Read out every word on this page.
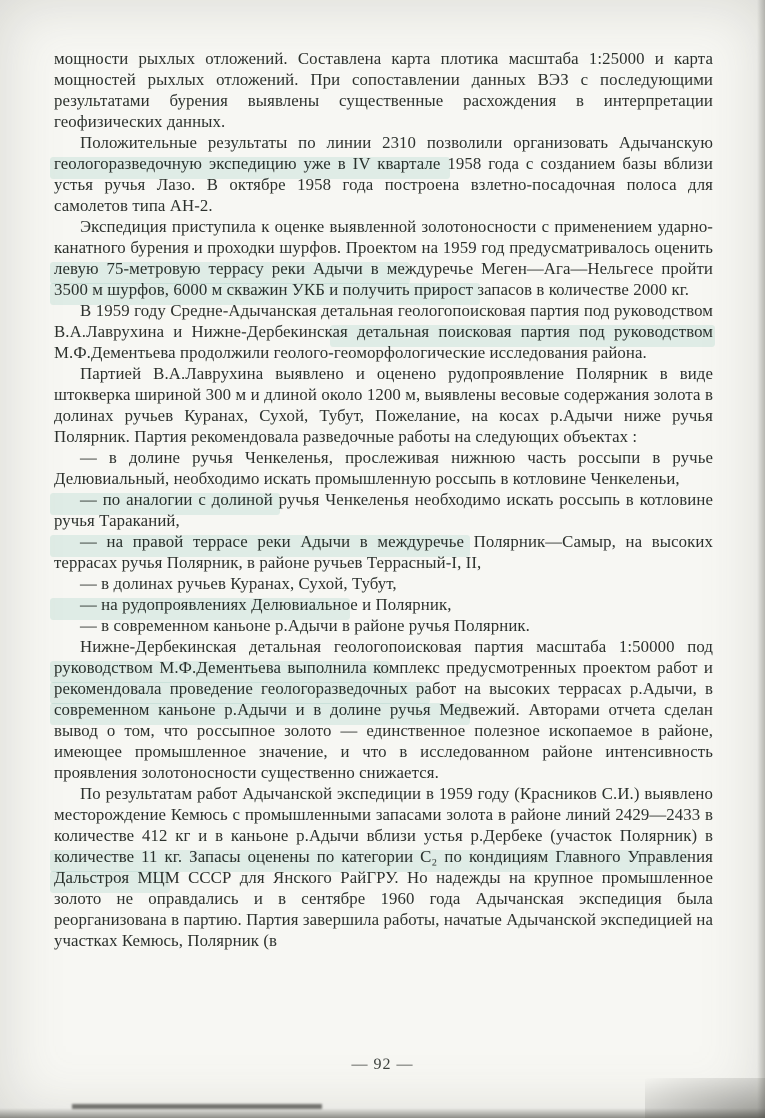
мощности рыхлых отложений. Составлена карта плотика масштаба 1:25000 и карта мощностей рыхлых отложений. При сопоставлении данных ВЭЗ с последующими результатами бурения выявлены существенные расхождения в интерпретации геофизических данных.

Положительные результаты по линии 2310 позволили организовать Адычанскую геологоразведочную экспедицию уже в IV квартале 1958 года с созданием базы вблизи устья ручья Лазо. В октябре 1958 года построена взлетно-посадочная полоса для самолетов типа АН-2.

Экспедиция приступила к оценке выявленной золотоносности с применением ударно-канатного бурения и проходки шурфов. Проектом на 1959 год предусматривалось оценить левую 75-метровую террасу реки Адычи в междуречье Меген—Ага—Нельгесе пройти 3500 м шурфов, 6000 м скважин УКБ и получить прирост запасов в количестве 2000 кг.

В 1959 году Средне-Адычанская детальная геологопоисковая партия под руководством В.А.Лаврухина и Нижне-Дербекинская детальная поисковая партия под руководством М.Ф.Дементьева продолжили геолого-геоморфологические исследования района.

Партией В.А.Лаврухина выявлено и оценено рудопроявление Полярник в виде штокверка шириной 300 м и длиной около 1200 м, выявлены весовые содержания золота в долинах ручьев Куранах, Сухой, Тубут, Пожелание, на косах р.Адычи ниже ручья Полярник. Партия рекомендовала разведочные работы на следующих объектах :

— в долине ручья Ченкеленья, прослеживая нижнюю часть россыпи в ручье Делювиальный, необходимо искать промышленную россыпь в котловине Ченкеленьи,

— по аналогии с долиной ручья Ченкеленья необходимо искать россыпь в котловине ручья Тараканий,

— на правой террасе реки Адычи в междуречье Полярник—Самыр, на высоких террасах ручья Полярник, в районе ручьев Террасный-I, II,

— в долинах ручьев Куранах, Сухой, Тубут,

— на рудопроявлениях Делювиальное и Полярник,

— в современном каньоне р.Адычи в районе ручья Полярник.

Нижне-Дербекинская детальная геологопоисковая партия масштаба 1:50000 под руководством М.Ф.Дементьева выполнила комплекс предусмотренных проектом работ и рекомендовала проведение геологоразведочных работ на высоких террасах р.Адычи, в современном каньоне р.Адычи и в долине ручья Медвежий. Авторами отчета сделан вывод о том, что россыпное золото — единственное полезное ископаемое в районе, имеющее промышленное значение, и что в исследованном районе интенсивность проявления золотоносности существенно снижается.

По результатам работ Адычанской экспедиции в 1959 году (Красников С.И.) выявлено месторождение Кемюсь с промышленными запасами золота в районе линий 2429—2433 в количестве 412 кг и в каньоне р.Адычи вблизи устья р.Дербеке (участок Полярник) в количестве 11 кг. Запасы оценены по категории С₂ по кондициям Главного Управления Дальстроя МЦМ СССР для Янского РайГРУ. Но надежды на крупное промышленное золото не оправдались и в сентябре 1960 года Адычанская экспедиция была реорганизована в партию. Партия завершила работы, начатые Адычанской экспедицией на участках Кемюсь, Полярник (в

— 92 —
